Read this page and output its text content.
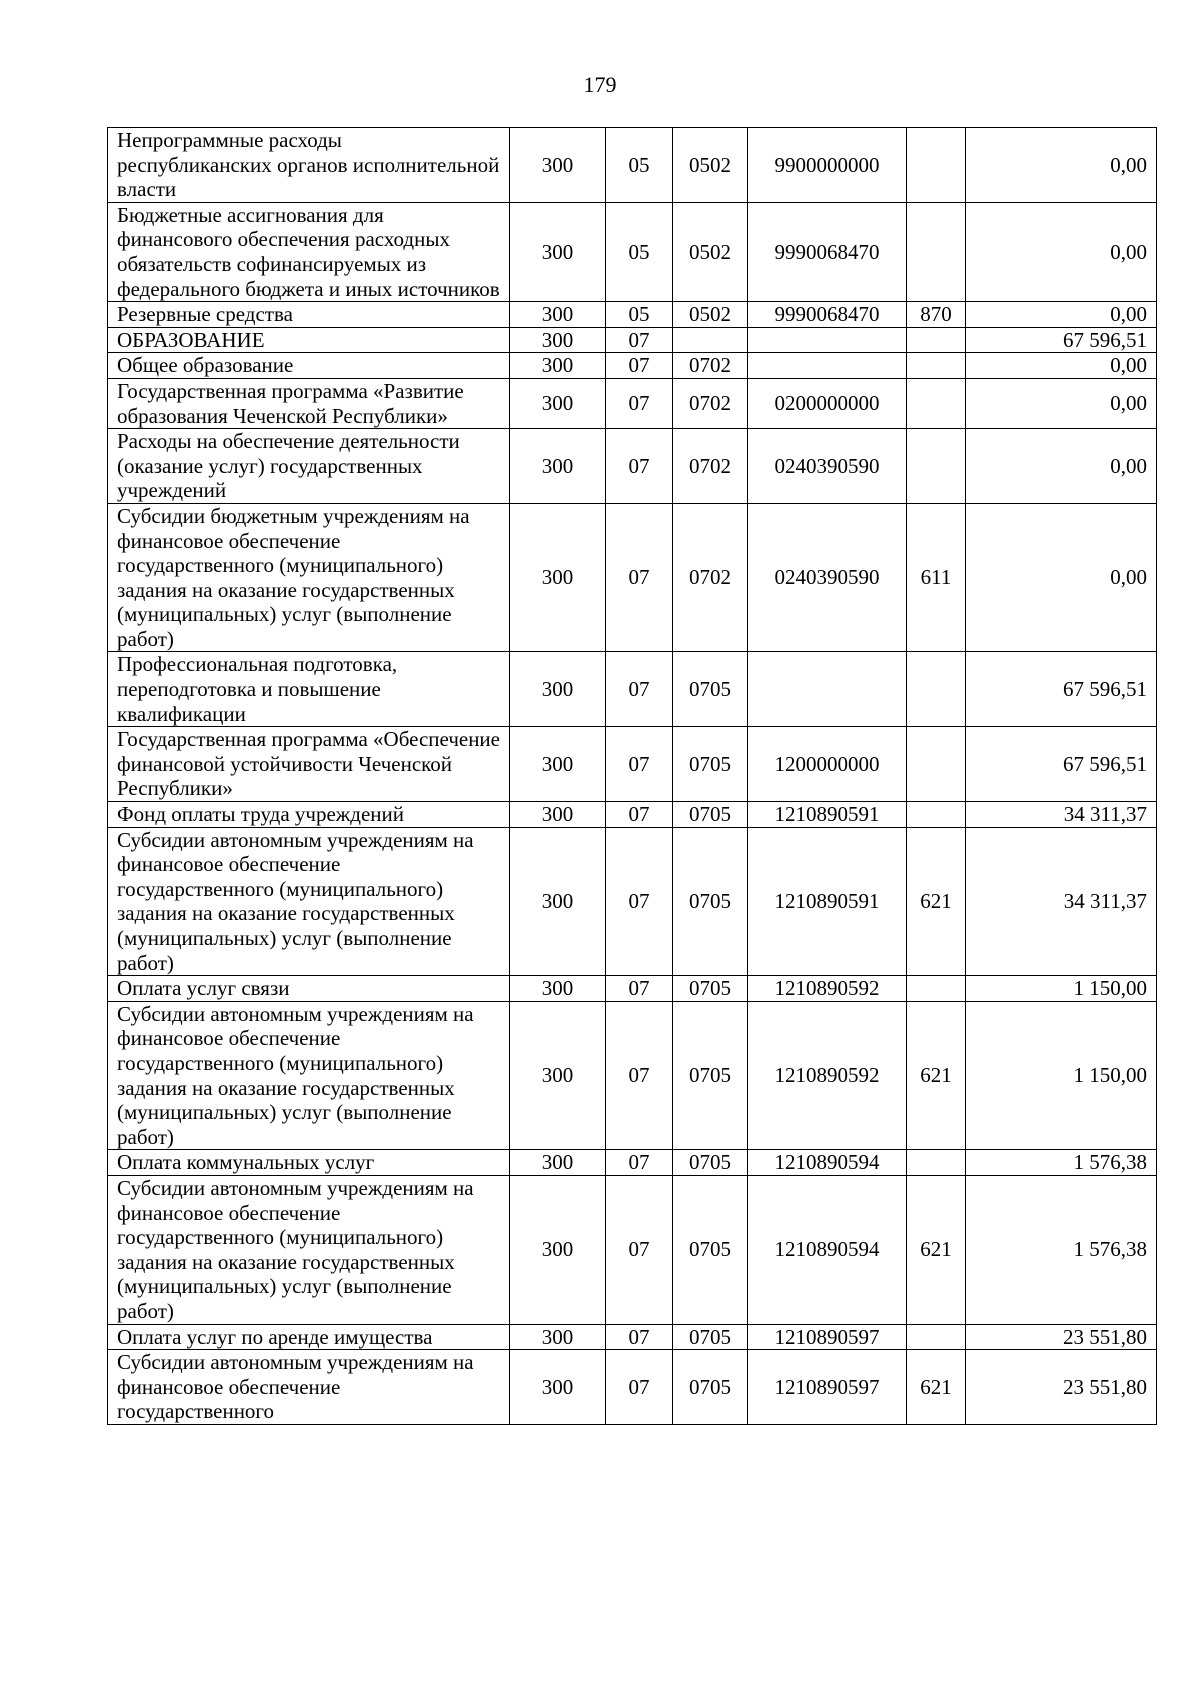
179
Непрограммные расходы республиканских органов исполнительной власти	300	05	0502	9900000000		0,00
Бюджетные ассигнования для финансового обеспечения расходных обязательств софинансируемых из федерального бюджета и иных источников	300	05	0502	9990068470		0,00
Резервные средства	300	05	0502	9990068470	870	0,00
ОБРАЗОВАНИЕ	300	07				67 596,51
Общее образование	300	07	0702			0,00
Государственная программа «Развитие образования Чеченской Республики»	300	07	0702	0200000000		0,00
Расходы на обеспечение деятельности (оказание услуг) государственных учреждений	300	07	0702	0240390590		0,00
Субсидии бюджетным учреждениям на финансовое обеспечение государственного (муниципального) задания на оказание государственных (муниципальных) услуг (выполнение работ)	300	07	0702	0240390590	611	0,00
Профессиональная подготовка, переподготовка и повышение квалификации	300	07	0705			67 596,51
Государственная программа «Обеспечение финансовой устойчивости Чеченской Республики»	300	07	0705	1200000000		67 596,51
Фонд оплаты труда учреждений	300	07	0705	1210890591		34 311,37
Субсидии автономным учреждениям на финансовое обеспечение государственного (муниципального) задания на оказание государственных (муниципальных) услуг (выполнение работ)	300	07	0705	1210890591	621	34 311,37
Оплата услуг связи	300	07	0705	1210890592		1 150,00
Субсидии автономным учреждениям на финансовое обеспечение государственного (муниципального) задания на оказание государственных (муниципальных) услуг (выполнение работ)	300	07	0705	1210890592	621	1 150,00
Оплата коммунальных услуг	300	07	0705	1210890594		1 576,38
Субсидии автономным учреждениям на финансовое обеспечение государственного (муниципального) задания на оказание государственных (муниципальных) услуг (выполнение работ)	300	07	0705	1210890594	621	1 576,38
Оплата услуг по аренде имущества	300	07	0705	1210890597		23 551,80
Субсидии автономным учреждениям на финансовое обеспечение государственного	300	07	0705	1210890597	621	23 551,80
